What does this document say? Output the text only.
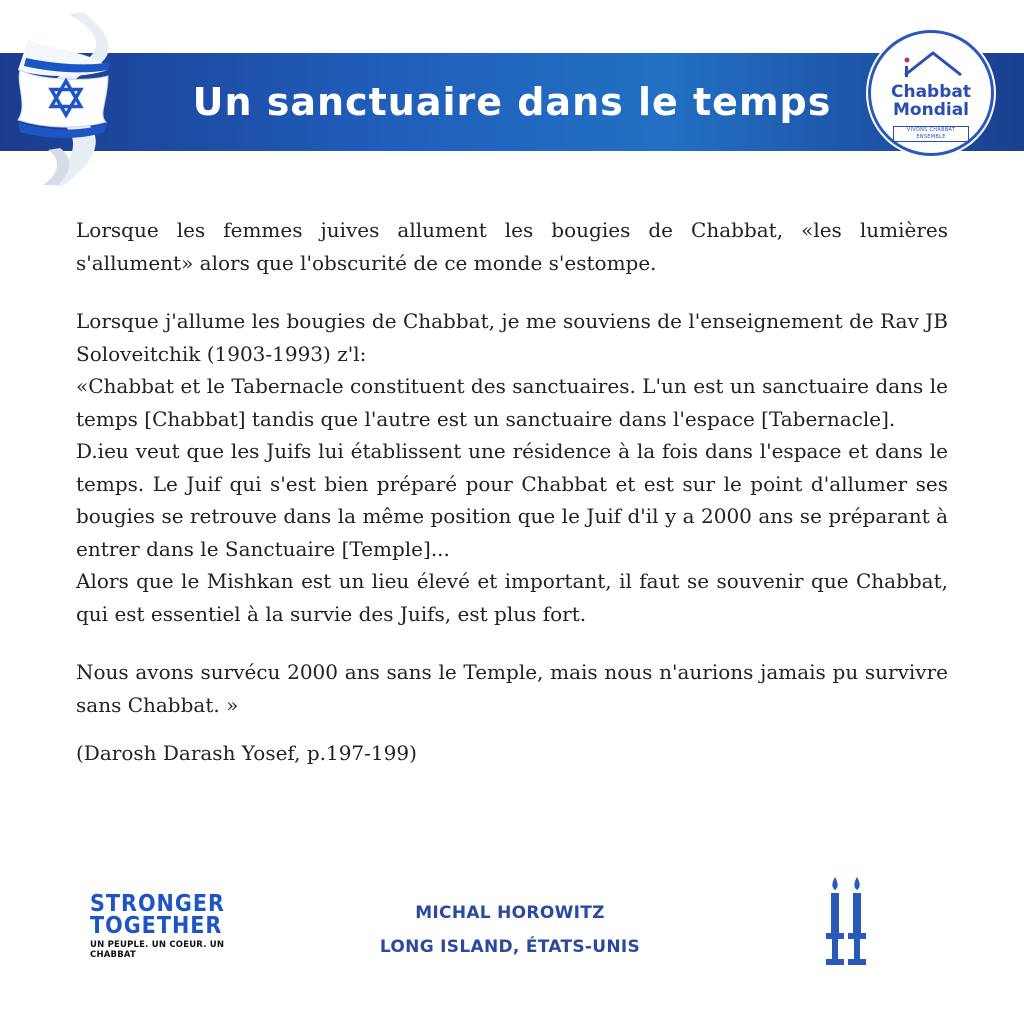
Un sanctuaire dans le temps	Chabbat
Mondial
VIVONS CHABBAT ENSEMBLE

Lorsque les femmes juives allument les bougies de Chabbat, «les lumières s'allument» alors que l'obscurité de ce monde s'estompe.

Lorsque j'allume les bougies de Chabbat, je me souviens de l'enseignement de Rav JB Soloveitchik (1903-1993) z'l:

«Chabbat et le Tabernacle constituent des sanctuaires. L'un est un sanctuaire dans le temps [Chabbat] tandis que l'autre est un sanctuaire dans l'espace [Tabernacle].

D.ieu veut que les Juifs lui établissent une résidence à la fois dans l'espace et dans le temps. Le Juif qui s'est bien préparé pour Chabbat et est sur le point d'allumer ses bougies se retrouve dans la même position que le Juif d'il y a 2000 ans se préparant à entrer dans le Sanctuaire [Temple]...

Alors que le Mishkan est un lieu élevé et important, il faut se souvenir que Chabbat, qui est essentiel à la survie des Juifs, est plus fort.

Nous avons survécu 2000 ans sans le Temple, mais nous n'aurions jamais pu survivre sans Chabbat. »

(Darosh Darash Yosef, p.197-199)

STRONGER
TOGETHER
UN PEUPLE. UN COEUR. UN CHABBAT
MICHAL HOROWITZ
LONG ISLAND, ÉTATS-UNIS
